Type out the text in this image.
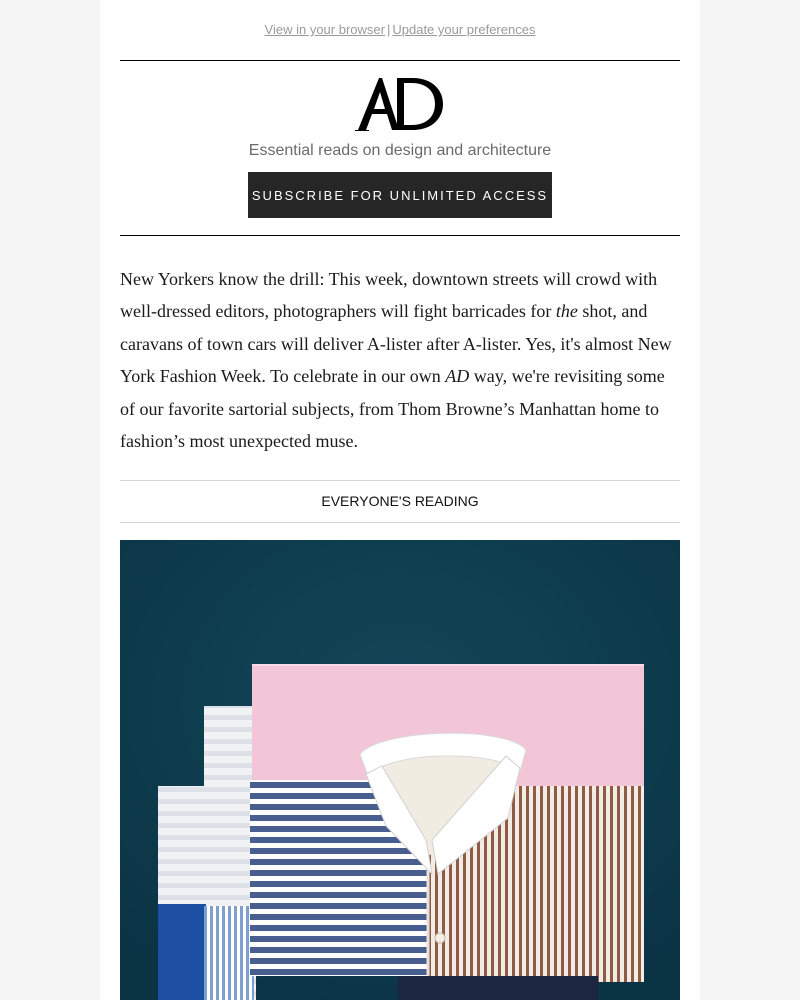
View in your browser | Update your preferences
Essential reads on design and architecture
SUBSCRIBE FOR UNLIMITED ACCESS

New Yorkers know the drill: This week, downtown streets will crowd with well-dressed editors, photographers will fight barricades for the shot, and caravans of town cars will deliver A-lister after A-lister. Yes, it's almost New York Fashion Week. To celebrate in our own AD way, we're revisiting some of our favorite sartorial subjects, from Thom Browne’s Manhattan home to fashion’s most unexpected muse.

EVERYONE'S READING
